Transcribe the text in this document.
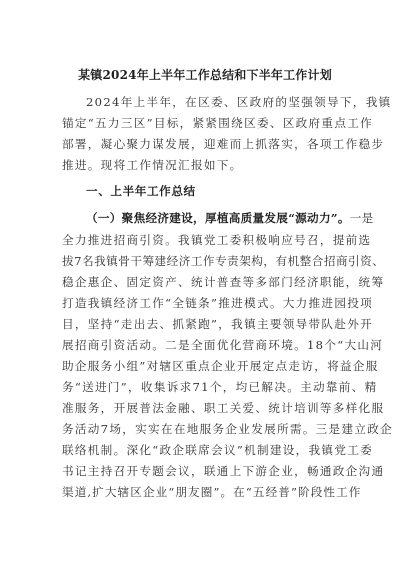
某镇2024年上半年工作总结和下半年工作计划
2024年上半年，在区委、区政府的坚强领导下，我镇
锚定“五力三区”目标，紧紧围绕区委、区政府重点工作
部署，凝心聚力谋发展，迎难而上抓落实，各项工作稳步
推进。现将工作情况汇报如下。
一、上半年工作总结
（一）聚焦经济建设，厚植高质量发展“源动力”。一是
全力推进招商引资。我镇党工委积极响应号召，提前选
拔7名我镇骨干筹建经济工作专责架构，有机整合招商引资、
稳企惠企、固定资产、统计普查等多部门经济职能，统筹
打造我镇经济工作“全链条”推进模式。大力推进园投项
目，坚持“走出去、抓紧跑”，我镇主要领导带队赴外开
展招商引资活动。二是全面优化营商环境。18个“大山河
助企服务小组”对辖区重点企业开展定点走访，将益企服
务“送进门”，收集诉求71个，均已解决。主动靠前、精
准服务，开展普法金融、职工关爱、统计培训等多样化服
务活动7场，实实在在地服务企业发展所需。三是建立政企
联络机制。深化“政企联席会议”机制建设，我镇党工委
书记主持召开专题会议，联通上下游企业，畅通政企沟通
渠道,扩大辖区企业“朋友圈”。在“五经普”阶段性工作
